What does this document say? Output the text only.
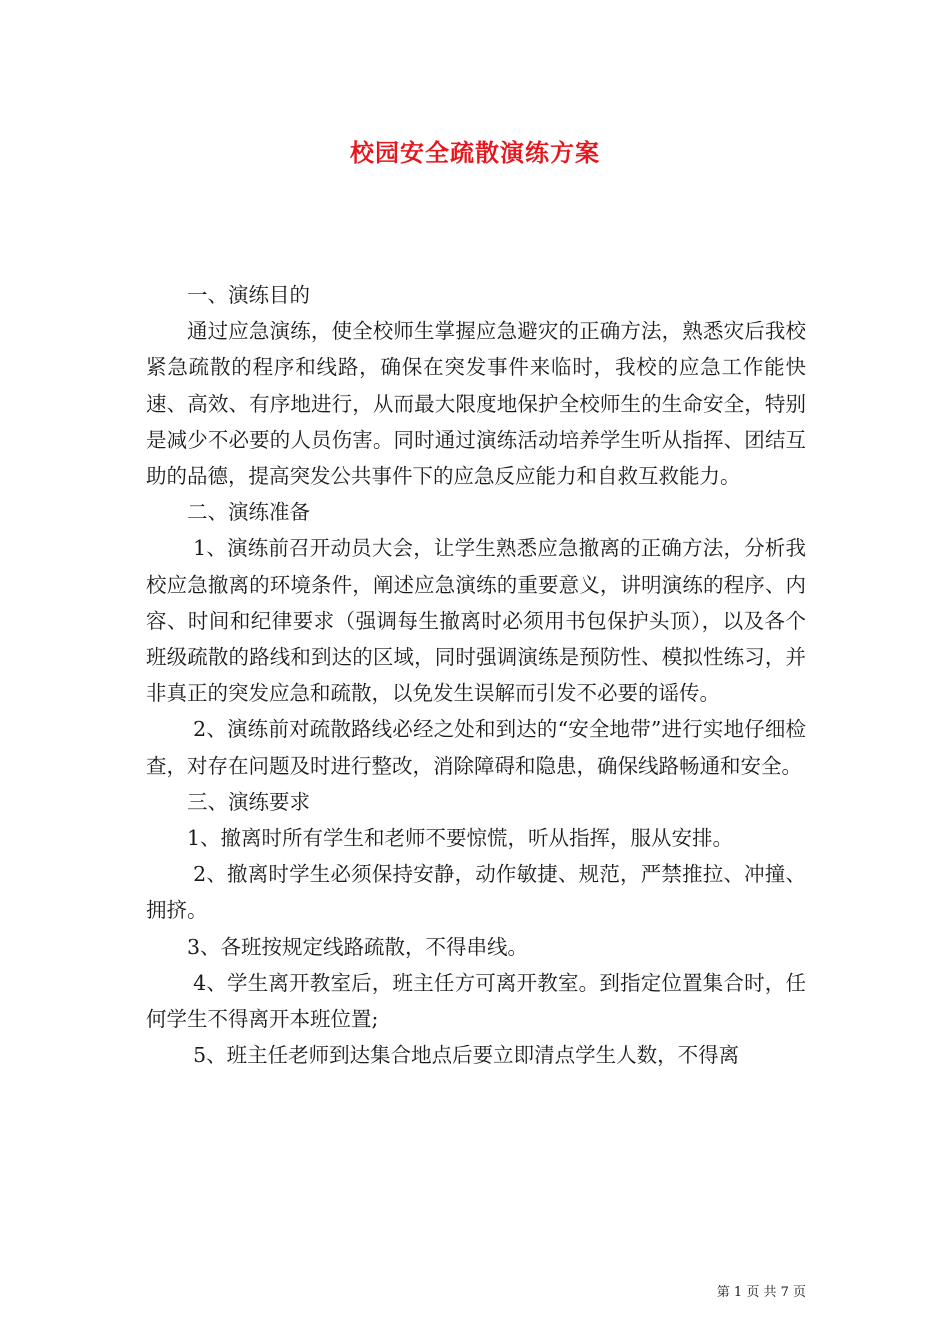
校园安全疏散演练方案

一、演练目的

通过应急演练，使全校师生掌握应急避灾的正确方法，熟悉灾后我校紧急疏散的程序和线路，确保在突发事件来临时，我校的应急工作能快速、高效、有序地进行，从而最大限度地保护全校师生的生命安全，特别是减少不必要的人员伤害。同时通过演练活动培养学生听从指挥、团结互助的品德，提高突发公共事件下的应急反应能力和自救互救能力。

二、演练准备

1、演练前召开动员大会，让学生熟悉应急撤离的正确方法，分析我校应急撤离的环境条件，阐述应急演练的重要意义，讲明演练的程序、内容、时间和纪律要求（强调每生撤离时必须用书包保护头顶），以及各个班级疏散的路线和到达的区域，同时强调演练是预防性、模拟性练习，并非真正的突发应急和疏散，以免发生误解而引发不必要的谣传。

2、演练前对疏散路线必经之处和到达的“安全地带”进行实地仔细检查，对存在问题及时进行整改，消除障碍和隐患，确保线路畅通和安全。

三、演练要求

1、撤离时所有学生和老师不要惊慌，听从指挥，服从安排。

2、撤离时学生必须保持安静，动作敏捷、规范，严禁推拉、冲撞、拥挤。

3、各班按规定线路疏散，不得串线。

4、学生离开教室后，班主任方可离开教室。到指定位置集合时，任何学生不得离开本班位置;

5、班主任老师到达集合地点后要立即清点学生人数，不得离

第 1 页 共 7 页
